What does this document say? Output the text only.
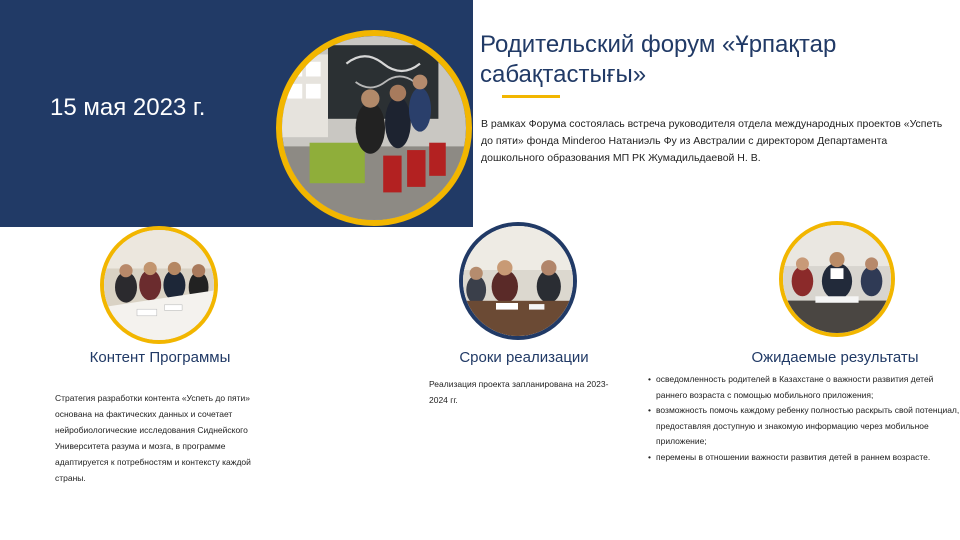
15 мая 2023 г.
Родительский форум «Ұрпақтар сабақтастығы»
В рамках Форума состоялась встреча руководителя отдела международных проектов «Успеть до пяти» фонда Minderoo Натаниэль Фу из Австралии с директором Департамента дошкольного образования МП РК Жумадильдаевой Н. В.
Контент Программы
Стратегия разработки контента «Успеть до пяти» основана на фактических данных и сочетает нейробиологические исследования Сиднейского Университета разума и мозга, в программе адаптируется к потребностям и контексту каждой страны.
Сроки реализации
Реализация проекта запланирована на 2023-2024 гг.
Ожидаемые результаты
• осведомленность родителей в Казахстане о важности развития детей раннего возраста с помощью мобильного приложения;
• возможность помочь каждому ребенку полностью раскрыть свой потенциал, предоставляя доступную и знакомую информацию через мобильное приложение;
• перемены в отношении важности развития детей в раннем возрасте.
